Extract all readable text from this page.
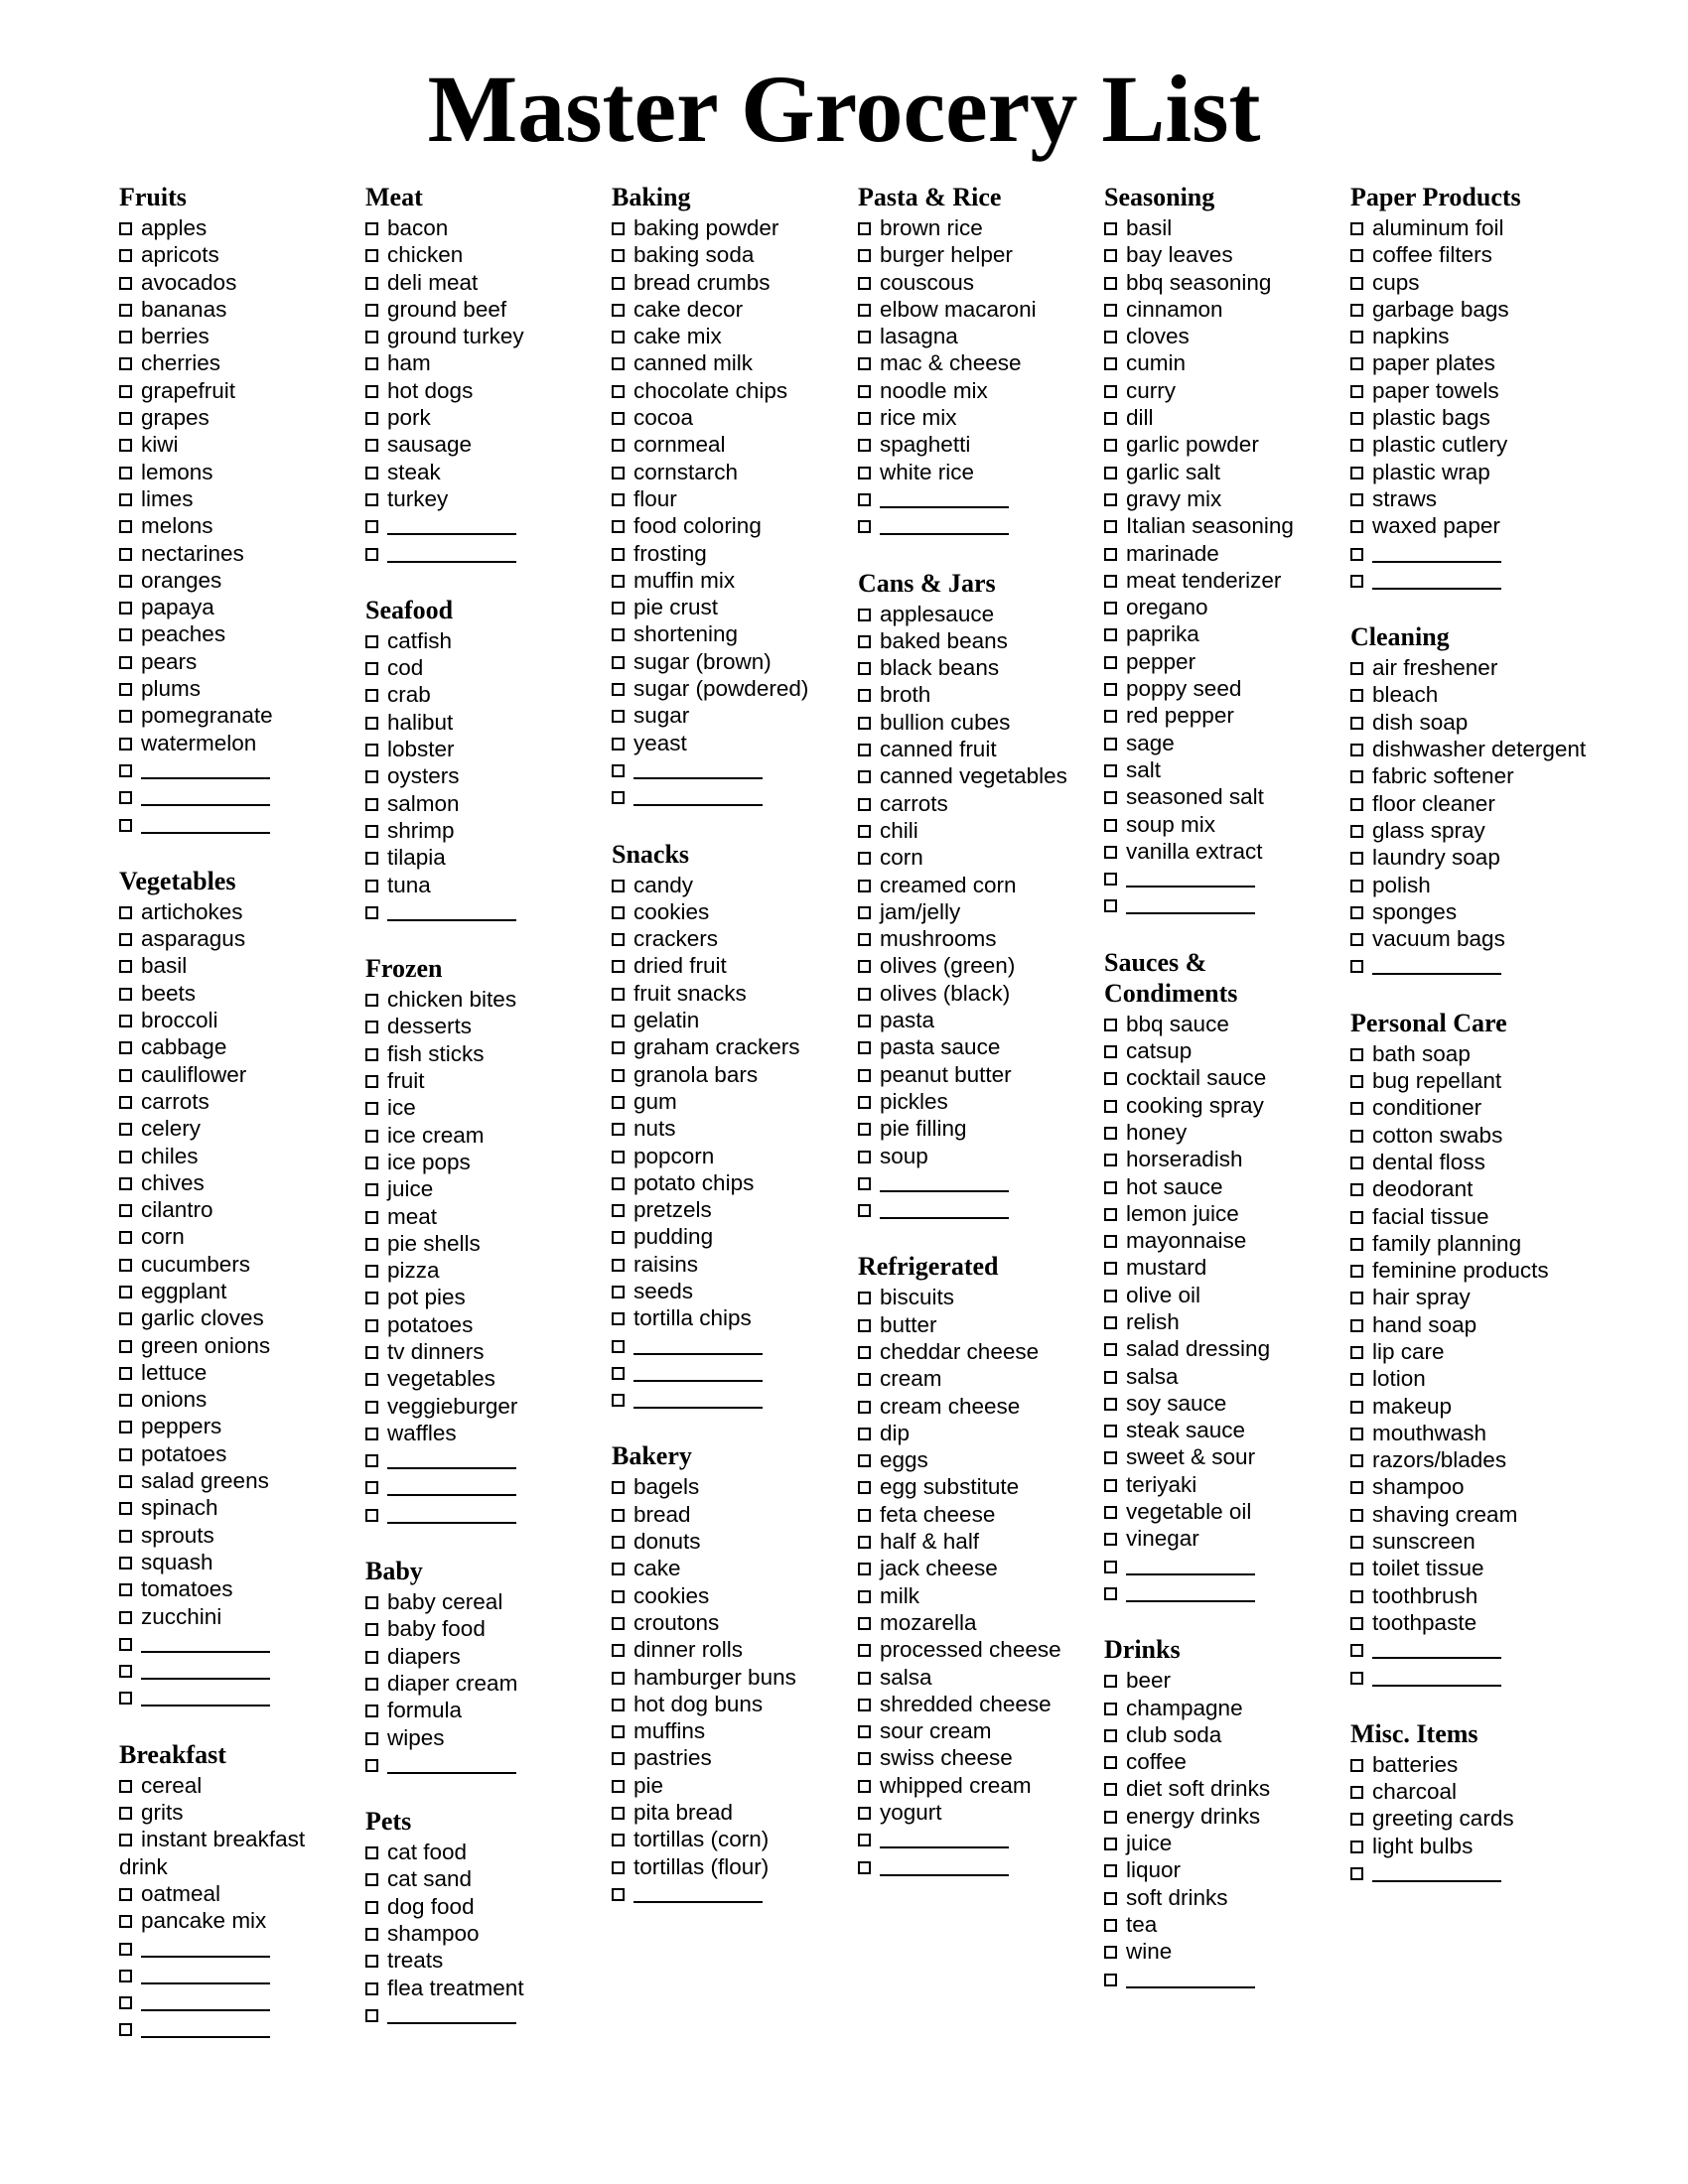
Master Grocery List
Fruits
apples
apricots
avocados
bananas
berries
cherries
grapefruit
grapes
kiwi
lemons
limes
melons
nectarines
oranges
papaya
peaches
pears
plums
pomegranate
watermelon
Vegetables
artichokes
asparagus
basil
beets
broccoli
cabbage
cauliflower
carrots
celery
chiles
chives
cilantro
corn
cucumbers
eggplant
garlic cloves
green onions
lettuce
onions
peppers
potatoes
salad greens
spinach
sprouts
squash
tomatoes
zucchini
Breakfast
cereal
grits
instant breakfast drink
oatmeal
pancake mix
Meat
bacon
chicken
deli meat
ground beef
ground turkey
ham
hot dogs
pork
sausage
steak
turkey
Seafood
catfish
cod
crab
halibut
lobster
oysters
salmon
shrimp
tilapia
tuna
Frozen
chicken bites
desserts
fish sticks
fruit
ice
ice cream
ice pops
juice
meat
pie shells
pizza
pot pies
potatoes
tv dinners
vegetables
veggieburger
waffles
Baby
baby cereal
baby food
diapers
diaper cream
formula
wipes
Pets
cat food
cat sand
dog food
shampoo
treats
flea treatment
Baking
baking powder
baking soda
bread crumbs
cake decor
cake mix
canned milk
chocolate chips
cocoa
cornmeal
cornstarch
flour
food coloring
frosting
muffin mix
pie crust
shortening
sugar (brown)
sugar (powdered)
sugar
yeast
Snacks
candy
cookies
crackers
dried fruit
fruit snacks
gelatin
graham crackers
granola bars
gum
nuts
popcorn
potato chips
pretzels
pudding
raisins
seeds
tortilla chips
Bakery
bagels
bread
donuts
cake
cookies
croutons
dinner rolls
hamburger buns
hot dog buns
muffins
pastries
pie
pita bread
tortillas (corn)
tortillas (flour)
Pasta & Rice
brown rice
burger helper
couscous
elbow macaroni
lasagna
mac & cheese
noodle mix
rice mix
spaghetti
white rice
Cans & Jars
applesauce
baked beans
black beans
broth
bullion cubes
canned fruit
canned vegetables
carrots
chili
corn
creamed corn
jam/jelly
mushrooms
olives (green)
olives (black)
pasta
pasta sauce
peanut butter
pickles
pie filling
soup
Refrigerated
biscuits
butter
cheddar cheese
cream
cream cheese
dip
eggs
egg substitute
feta cheese
half & half
jack cheese
milk
mozarella
processed cheese
salsa
shredded cheese
sour cream
swiss cheese
whipped cream
yogurt
Seasoning
basil
bay leaves
bbq seasoning
cinnamon
cloves
cumin
curry
dill
garlic powder
garlic salt
gravy mix
Italian seasoning
marinade
meat tenderizer
oregano
paprika
pepper
poppy seed
red pepper
sage
salt
seasoned salt
soup mix
vanilla extract
Sauces & Condiments
bbq sauce
catsup
cocktail sauce
cooking spray
honey
horseradish
hot sauce
lemon juice
mayonnaise
mustard
olive oil
relish
salad dressing
salsa
soy sauce
steak sauce
sweet & sour
teriyaki
vegetable oil
vinegar
Drinks
beer
champagne
club soda
coffee
diet soft drinks
energy drinks
juice
liquor
soft drinks
tea
wine
Paper Products
aluminum foil
coffee filters
cups
garbage bags
napkins
paper plates
paper towels
plastic bags
plastic cutlery
plastic wrap
straws
waxed paper
Cleaning
air freshener
bleach
dish soap
dishwasher detergent
fabric softener
floor cleaner
glass spray
laundry soap
polish
sponges
vacuum bags
Personal Care
bath soap
bug repellant
conditioner
cotton swabs
dental floss
deodorant
facial tissue
family planning
feminine products
hair spray
hand soap
lip care
lotion
makeup
mouthwash
razors/blades
shampoo
shaving cream
sunscreen
toilet tissue
toothbrush
toothpaste
Misc. Items
batteries
charcoal
greeting cards
light bulbs
